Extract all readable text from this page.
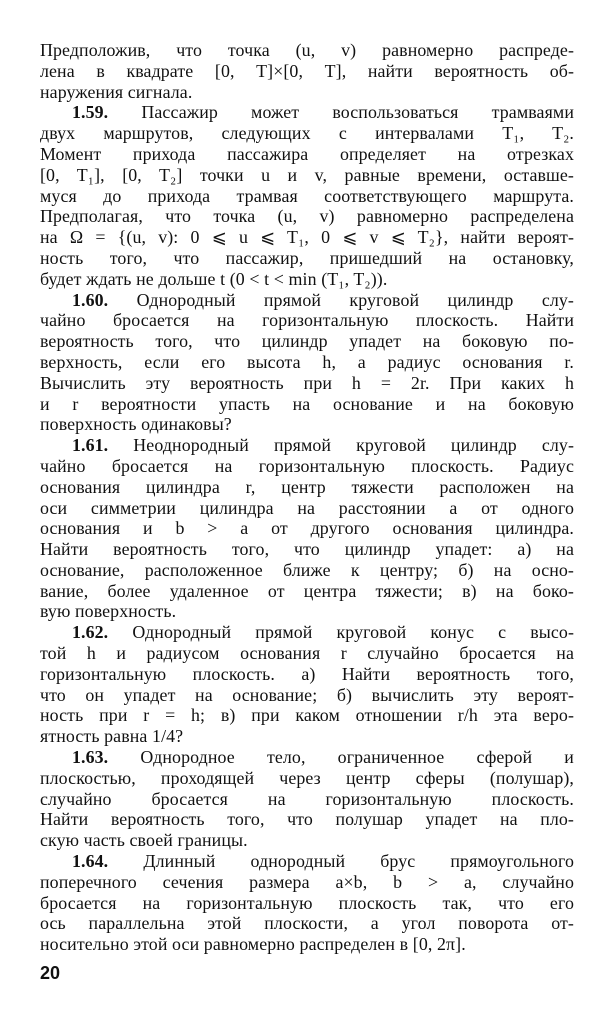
Предположив, что точка (u, v) равномерно распреде-
лена в квадрате [0, T]×[0, T], найти вероятность об-
наружения сигнала.
1.59. Пассажир может воспользоваться трамваями
двух маршрутов, следующих с интервалами T₁, T₂.
Момент прихода пассажира определяет на отрезках
[0, T₁], [0, T₂] точки u и v, равные времени, оставше-
муся до прихода трамвая соответствующего маршрута.
Предполагая, что точка (u, v) равномерно распределена
на Ω = {(u, v): 0 ⩽ u ⩽ T₁, 0 ⩽ v ⩽ T₂}, найти вероят-
ность того, что пассажир, пришедший на остановку,
будет ждать не дольше t (0 < t < min (T₁, T₂)).
1.60. Однородный прямой круговой цилиндр слу-
чайно бросается на горизонтальную плоскость. Найти
вероятность того, что цилиндр упадет на боковую по-
верхность, если его высота h, а радиус основания r.
Вычислить эту вероятность при h = 2r. При каких h
и r вероятности упасть на основание и на боковую
поверхность одинаковы?
1.61. Неоднородный прямой круговой цилиндр слу-
чайно бросается на горизонтальную плоскость. Радиус
основания цилиндра r, центр тяжести расположен на
оси симметрии цилиндра на расстоянии a от одного
основания и b > a от другого основания цилиндра.
Найти вероятность того, что цилиндр упадет: а) на
основание, расположенное ближе к центру; б) на осно-
вание, более удаленное от центра тяжести; в) на боко-
вую поверхность.
1.62. Однородный прямой круговой конус с высо-
той h и радиусом основания r случайно бросается на
горизонтальную плоскость. а) Найти вероятность того,
что он упадет на основание; б) вычислить эту вероят-
ность при r = h; в) при каком отношении r/h эта веро-
ятность равна 1/4?
1.63. Однородное тело, ограниченное сферой и
плоскостью, проходящей через центр сферы (полушар),
случайно бросается на горизонтальную плоскость.
Найти вероятность того, что полушар упадет на пло-
скую часть своей границы.
1.64. Длинный однородный брус прямоугольного
поперечного сечения размера a×b, b > a, случайно
бросается на горизонтальную плоскость так, что его
ось параллельна этой плоскости, а угол поворота от-
носительно этой оси равномерно распределен в [0, 2π].
20
